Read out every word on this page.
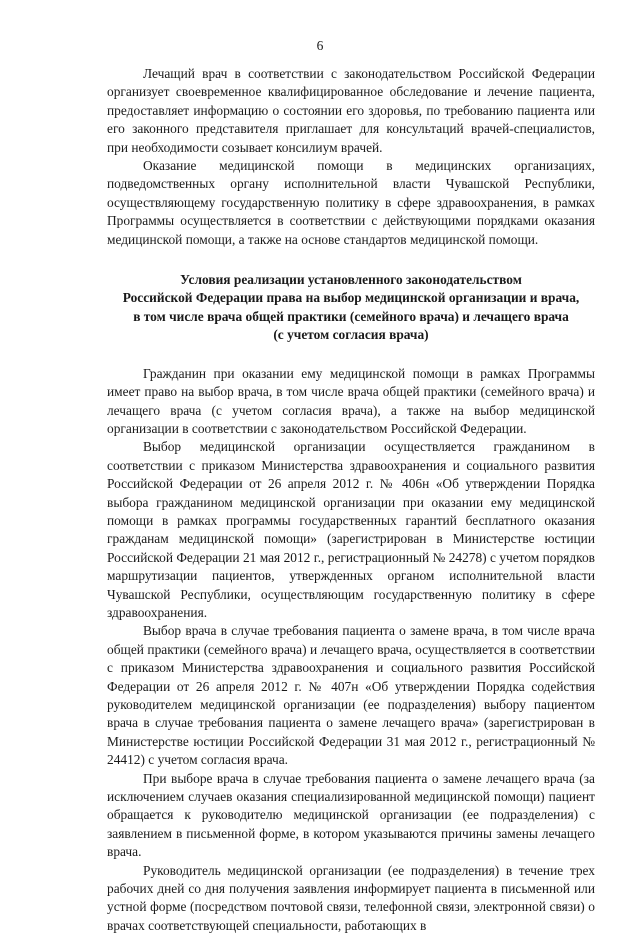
6

Лечащий врач в соответствии с законодательством Российской Федерации организует своевременное квалифицированное обследование и лечение пациента, предоставляет информацию о состоянии его здоровья, по требованию пациента или его законного представителя приглашает для консультаций врачей-специалистов, при необходимости созывает консилиум врачей.

Оказание медицинской помощи в медицинских организациях, подведомственных органу исполнительной власти Чувашской Республики, осуществляющему государственную политику в сфере здравоохранения, в рамках Программы осуществляется в соответствии с действующими порядками оказания медицинской помощи, а также на основе стандартов медицинской помощи.

Условия реализации установленного законодательством
Российской Федерации права на выбор медицинской организации и врача,
в том числе врача общей практики (семейного врача) и лечащего врача
(с учетом согласия врача)

Гражданин при оказании ему медицинской помощи в рамках Программы имеет право на выбор врача, в том числе врача общей практики (семейного врача) и лечащего врача (с учетом согласия врача), а также на выбор медицинской организации в соответствии с законодательством Российской Федерации.

Выбор медицинской организации осуществляется гражданином в соответствии с приказом Министерства здравоохранения и социального развития Российской Федерации от 26 апреля 2012 г. № 406н «Об утверждении Порядка выбора гражданином медицинской организации при оказании ему медицинской помощи в рамках программы государственных гарантий бесплатного оказания гражданам медицинской помощи» (зарегистрирован в Министерстве юстиции Российской Федерации 21 мая 2012 г., регистрационный № 24278) с учетом порядков маршрутизации пациентов, утвержденных органом исполнительной власти Чувашской Республики, осуществляющим государственную политику в сфере здравоохранения.

Выбор врача в случае требования пациента о замене врача, в том числе врача общей практики (семейного врача) и лечащего врача, осуществляется в соответствии с приказом Министерства здравоохранения и социального развития Российской Федерации от 26 апреля 2012 г. № 407н «Об утверждении Порядка содействия руководителем медицинской организации (ее подразделения) выбору пациентом врача в случае требования пациента о замене лечащего врача» (зарегистрирован в Министерстве юстиции Российской Федерации 31 мая 2012 г., регистрационный № 24412) с учетом согласия врача.

При выборе врача в случае требования пациента о замене лечащего врача (за исключением случаев оказания специализированной медицинской помощи) пациент обращается к руководителю медицинской организации (ее подразделения) с заявлением в письменной форме, в котором указываются причины замены лечащего врача.

Руководитель медицинской организации (ее подразделения) в течение трех рабочих дней со дня получения заявления информирует пациента в письменной или устной форме (посредством почтовой связи, телефонной связи, электронной связи) о врачах соответствующей специальности, работающих в
